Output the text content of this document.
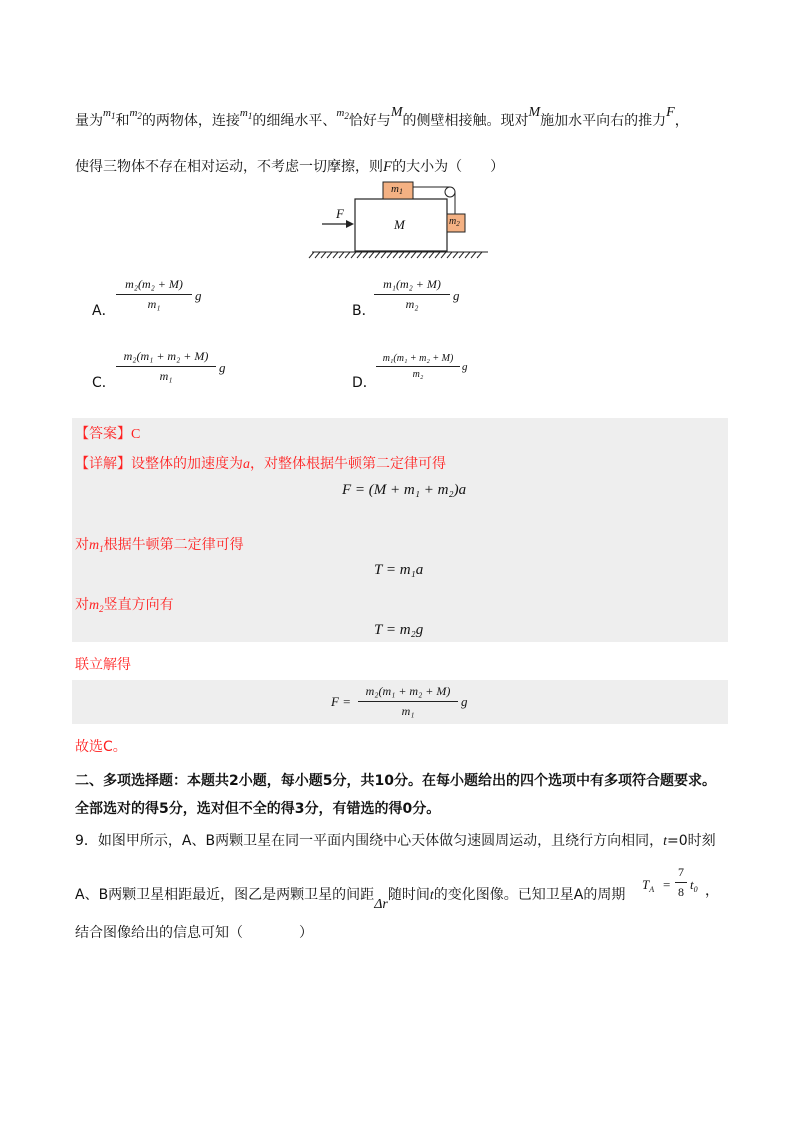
量为$^{m_1}$和$^{m_2}$的两物体，连接$^{m_1}$的细绳水平、$^{m_2}$恰好与M的侧壁相接触。现对M施加水平向右的推力F，
使得三物体不存在相对运动，不考虑一切摩擦，则F的大小为（　　）
F
M
m1
$m_2$
A．
m₂(m₂ + M)
m₁
g
B．
m₁(m₂ + M)
m₂
g
C．
m₂(m₁ + m₂ + M)
m₁
g
D．
m₁(m₁ + m₂ + M)
m₂
g
【答案】C
【详解】设整体的加速度为a，对整体根据牛顿第二定律可得
F = (M + m₁ + m₂)a
对$m_1$根据牛顿第二定律可得
T = m₁a
对$m_2$竖直方向有
T = m₂g
联立解得
F =
m₂(m₁ + m₂ + M)
m₁
g
故选C。
二、多项选择题：本题共2小题，每小题5分，共10分。在每小题给出的四个选项中有多项符合题要求。
全部选对的得5分，选对但不全的得3分，有错选的得0分。
9．如图甲所示，A、B两颗卫星在同一平面内围绕中心天体做匀速圆周运动，且绕行方向相同，t=0时刻
A、B两颗卫星相距最近，图乙是两颗卫星的间距Δr随时间t的变化图像。已知卫星A的周期
$T_A$ =
7
8 $t_0$ ，
结合图像给出的信息可知（　　　　）
